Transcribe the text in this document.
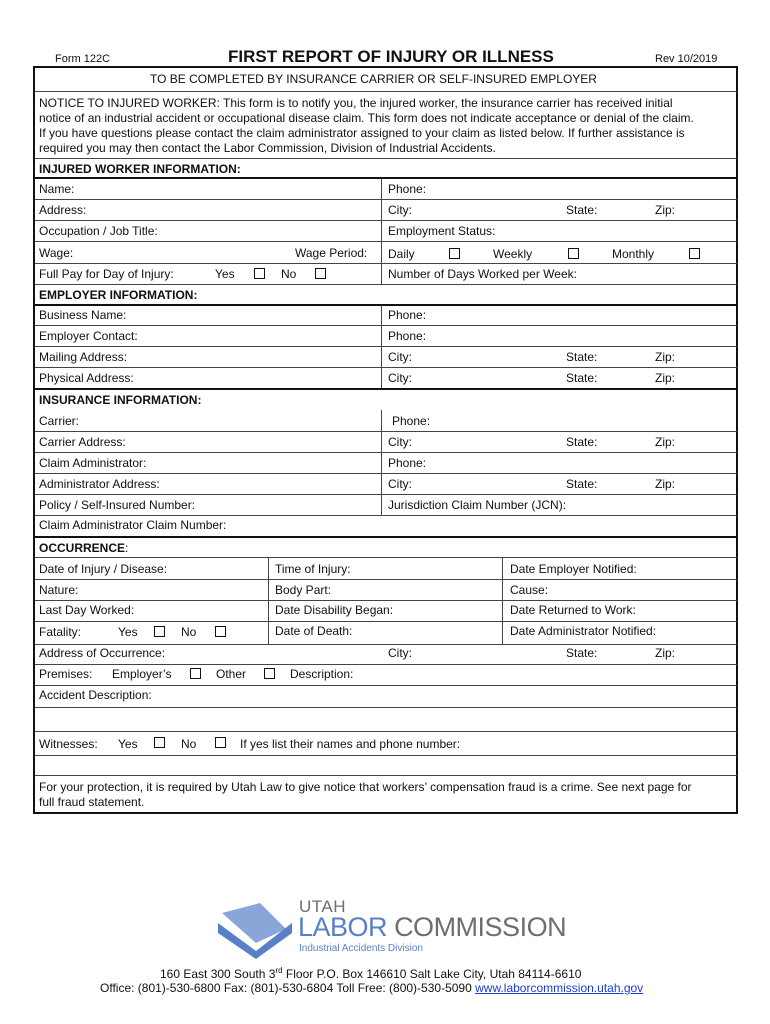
Form 122C	FIRST REPORT OF INJURY OR ILLNESS	Rev 10/2019
TO BE COMPLETED BY INSURANCE CARRIER OR SELF-INSURED EMPLOYER
NOTICE TO INJURED WORKER: This form is to notify you, the injured worker, the insurance carrier has received initial
notice of an industrial accident or occupational disease claim. This form does not indicate acceptance or denial of the claim.
If you have questions please contact the claim administrator assigned to your claim as listed below. If further assistance is
required you may then contact the Labor Commission, Division of Industrial Accidents.
INJURED WORKER INFORMATION:
Name:	Phone:
Address:	City:	State:	Zip:
Occupation / Job Title:	Employment Status:
Wage:	Wage Period: Daily	Weekly	Monthly
Full Pay for Day of Injury:	Yes	No	Number of Days Worked per Week:
EMPLOYER INFORMATION:
Business Name:	Phone:
Employer Contact:	Phone:
Mailing Address:	City:	State:	Zip:
Physical Address:	City:	State:	Zip:
INSURANCE INFORMATION:
Carrier:	Phone:
Carrier Address:	City:	State:	Zip:
Claim Administrator:	Phone:
Administrator Address:	City:	State:	Zip:
Policy / Self-Insured Number:	Jurisdiction Claim Number (JCN):
Claim Administrator Claim Number:
OCCURRENCE:
Date of Injury / Disease:	Time of Injury:	Date Employer Notified:
Nature:	Body Part:	Cause:
Last Day Worked:	Date Disability Began:	Date Returned to Work:
Fatality:	Yes	No	Date of Death:	Date Administrator Notified:
Address of Occurrence:	City:	State:	Zip:
Premises: Employer’s	Other	Description:
Accident Description:
Witnesses: Yes	No	If yes list their names and phone number:
For your protection, it is required by Utah Law to give notice that workers’ compensation fraud is a crime. See next page for
full fraud statement.
UTAH
LABOR COMMISSION
Industrial Accidents Division
160 East 300 South 3rd Floor P.O. Box 146610 Salt Lake City, Utah 84114-6610
Office: (801)-530-6800 Fax: (801)-530-6804 Toll Free: (800)-530-5090 www.laborcommission.utah.gov
